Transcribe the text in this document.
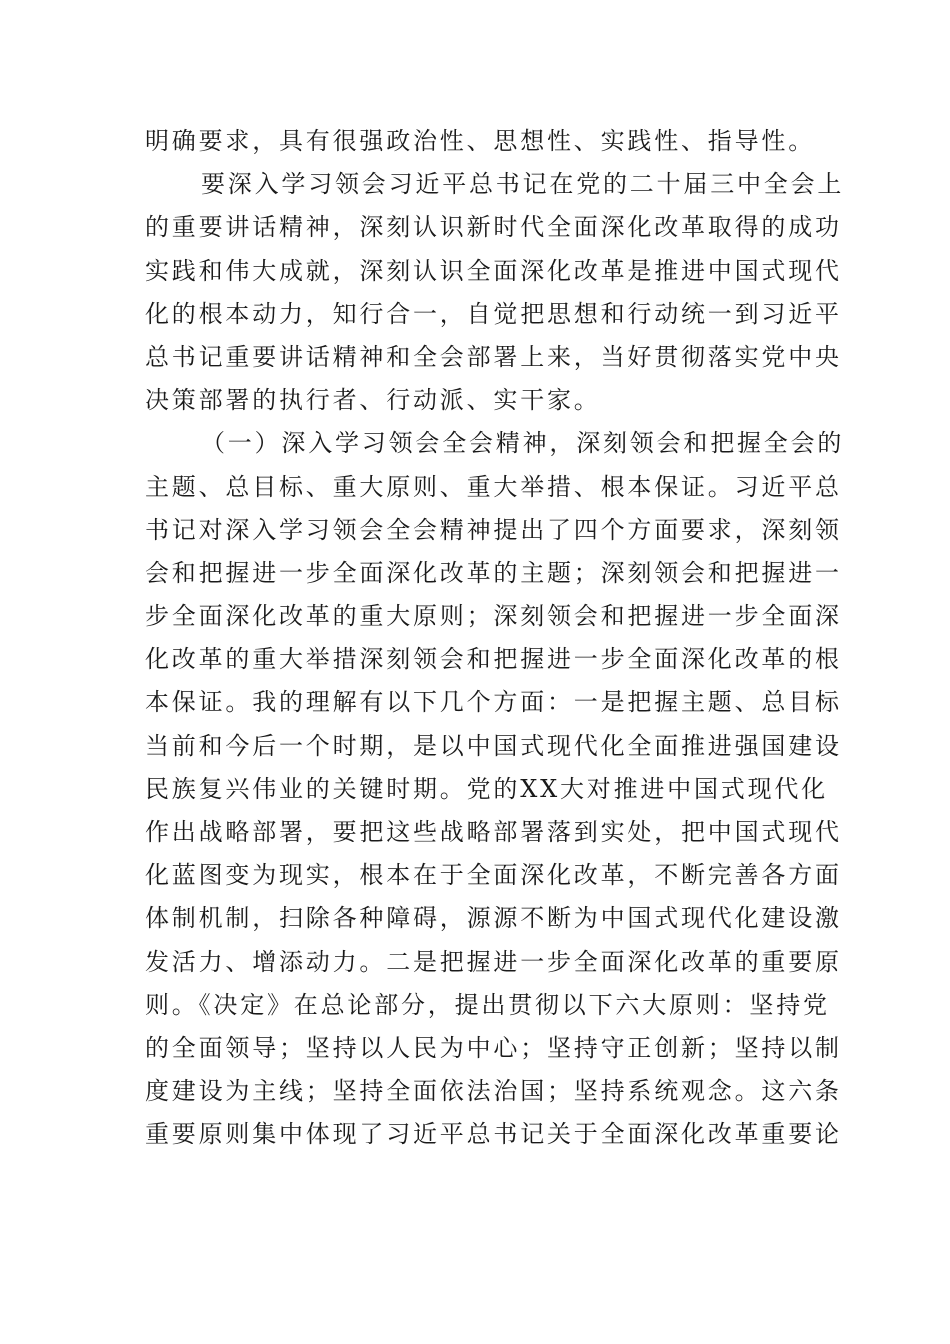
明确要求，具有很强政治性、思想性、实践性、指导性。
要深入学习领会习近平总书记在党的二十届三中全会上
的重要讲话精神，深刻认识新时代全面深化改革取得的成功
实践和伟大成就，深刻认识全面深化改革是推进中国式现代
化的根本动力，知行合一，自觉把思想和行动统一到习近平
总书记重要讲话精神和全会部署上来，当好贯彻落实党中央
决策部署的执行者、行动派、实干家。
（一）深入学习领会全会精神，深刻领会和把握全会的
主题、总目标、重大原则、重大举措、根本保证。习近平总
书记对深入学习领会全会精神提出了四个方面要求，深刻领
会和把握进一步全面深化改革的主题；深刻领会和把握进一
步全面深化改革的重大原则；深刻领会和把握进一步全面深
化改革的重大举措深刻领会和把握进一步全面深化改革的根
本保证。我的理解有以下几个方面：一是把握主题、总目标
当前和今后一个时期，是以中国式现代化全面推进强国建设
民族复兴伟业的关键时期。党的XX大对推进中国式现代化
作出战略部署，要把这些战略部署落到实处，把中国式现代
化蓝图变为现实，根本在于全面深化改革，不断完善各方面
体制机制，扫除各种障碍，源源不断为中国式现代化建设激
发活力、增添动力。二是把握进一步全面深化改革的重要原
则。《决定》在总论部分，提出贯彻以下六大原则：坚持党
的全面领导；坚持以人民为中心；坚持守正创新；坚持以制
度建设为主线；坚持全面依法治国；坚持系统观念。这六条
重要原则集中体现了习近平总书记关于全面深化改革重要论
